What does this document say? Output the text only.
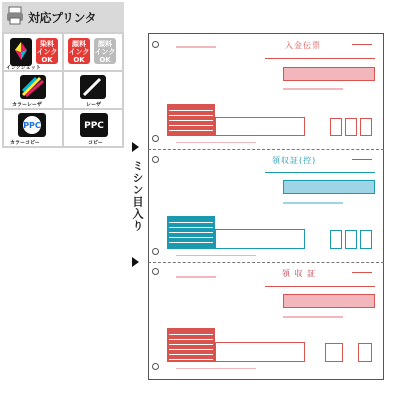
対応プリンタ
インクジェット
染料
インク
OK
顔料
インク
OK
顔料
インク
OK
カラーレーザ	レーザ
PPC
カラーコピー
PPC
コピー
ミシン目入り
入金伝票
領収証(控)
領 収 証
